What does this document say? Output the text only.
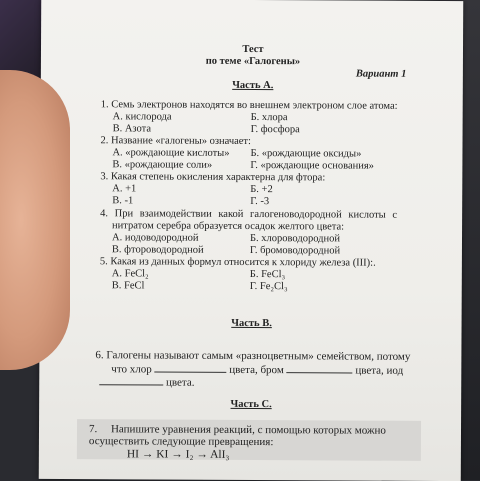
Тест
по теме «Галогены»
Вариант 1
Часть А.
1. Семь электронов находятся во внешнем электроном слое атома:
А. кислорода	Б. хлора
В. Азота	Г. фосфора
2. Название «галогены» означает:
А. «рождающие кислоты» Б. «рождающие оксиды»
В. «рождающие соли»	Г. «рождающие основания»
3. Какая степень окисления характерна для фтора:
А. +1	Б. +2
В. -1	Г. -3
4. При взаимодействии какой галогеноводородной кислоты с
нитратом серебра образуется осадок желтого цвета:
А. иодоводородной	Б. хлороводородной
В. фтороводородной	Г. бромоводородной
5. Какая из данных формул относится к хлориду железа (III):.
А. FeCl₂	Б. FeCl₃
В. FeCl	Г. Fe₂Cl₃
Часть В.
6. Галогены называют самым «разноцветным» семейством, потому
что хлор	цвета, бром	цвета, иод
цвета.
Часть С.
7. Напишите уравнения реакций, с помощью которых можно
осуществить следующие превращения:
HI → KI → I₂ → AlI₃
